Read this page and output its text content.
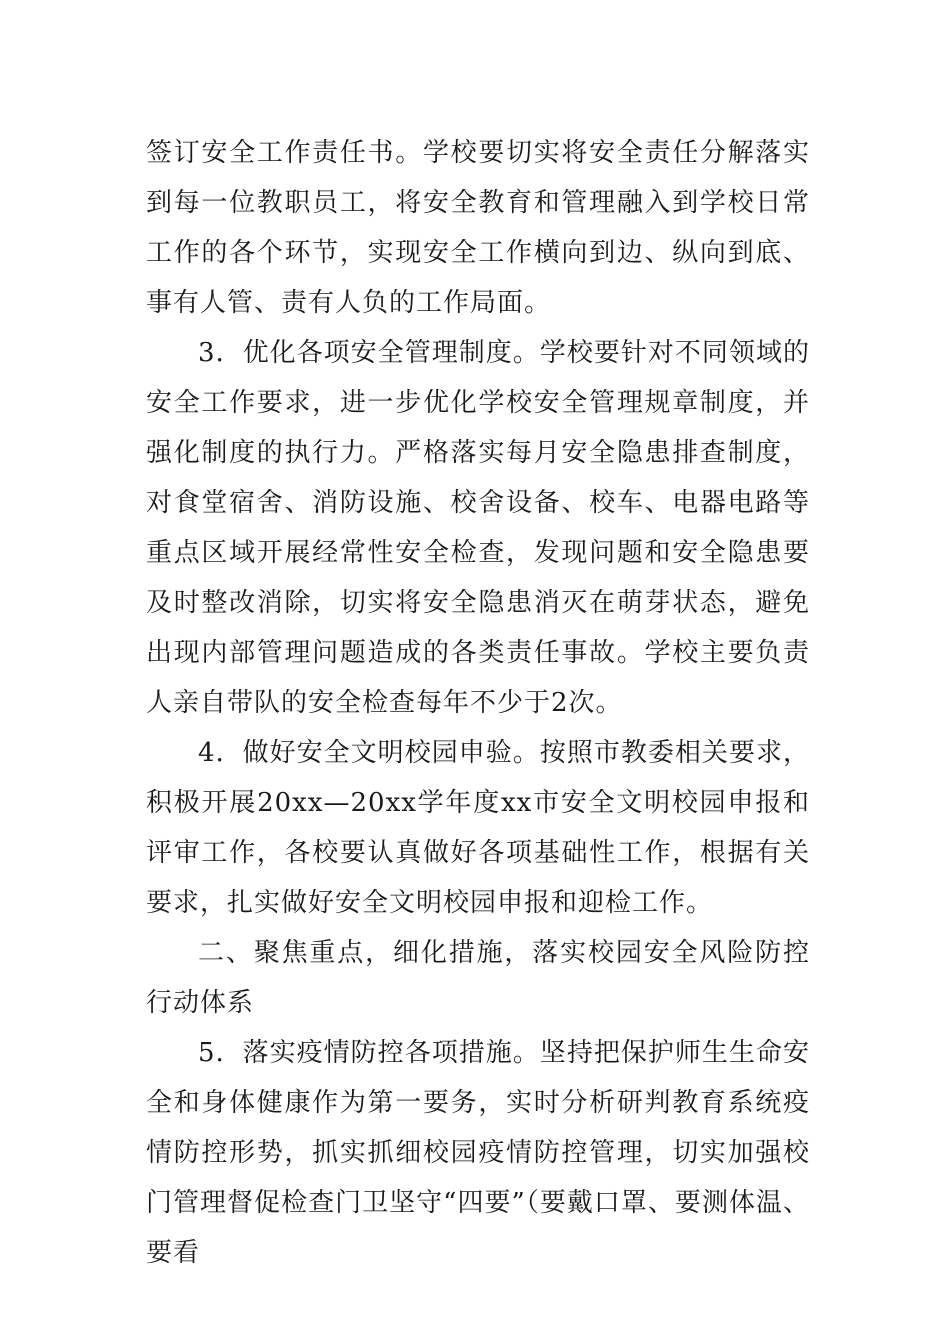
签订安全工作责任书。学校要切实将安全责任分解落实到每一位教职员工，将安全教育和管理融入到学校日常工作的各个环节，实现安全工作横向到边、纵向到底、事有人管、责有人负的工作局面。

3．优化各项安全管理制度。学校要针对不同领域的安全工作要求，进一步优化学校安全管理规章制度，并强化制度的执行力。严格落实每月安全隐患排查制度，对食堂宿舍、消防设施、校舍设备、校车、电器电路等重点区域开展经常性安全检查，发现问题和安全隐患要及时整改消除，切实将安全隐患消灭在萌芽状态，避免出现内部管理问题造成的各类责任事故。学校主要负责人亲自带队的安全检查每年不少于2次。

4．做好安全文明校园申验。按照市教委相关要求，积极开展20xx—20xx学年度xx市安全文明校园申报和评审工作，各校要认真做好各项基础性工作，根据有关要求，扎实做好安全文明校园申报和迎检工作。

二、聚焦重点，细化措施，落实校园安全风险防控行动体系

5．落实疫情防控各项措施。坚持把保护师生生命安全和身体健康作为第一要务，实时分析研判教育系统疫情防控形势，抓实抓细校园疫情防控管理，切实加强校门管理督促检查门卫坚守“四要”（要戴口罩、要测体温、要看
